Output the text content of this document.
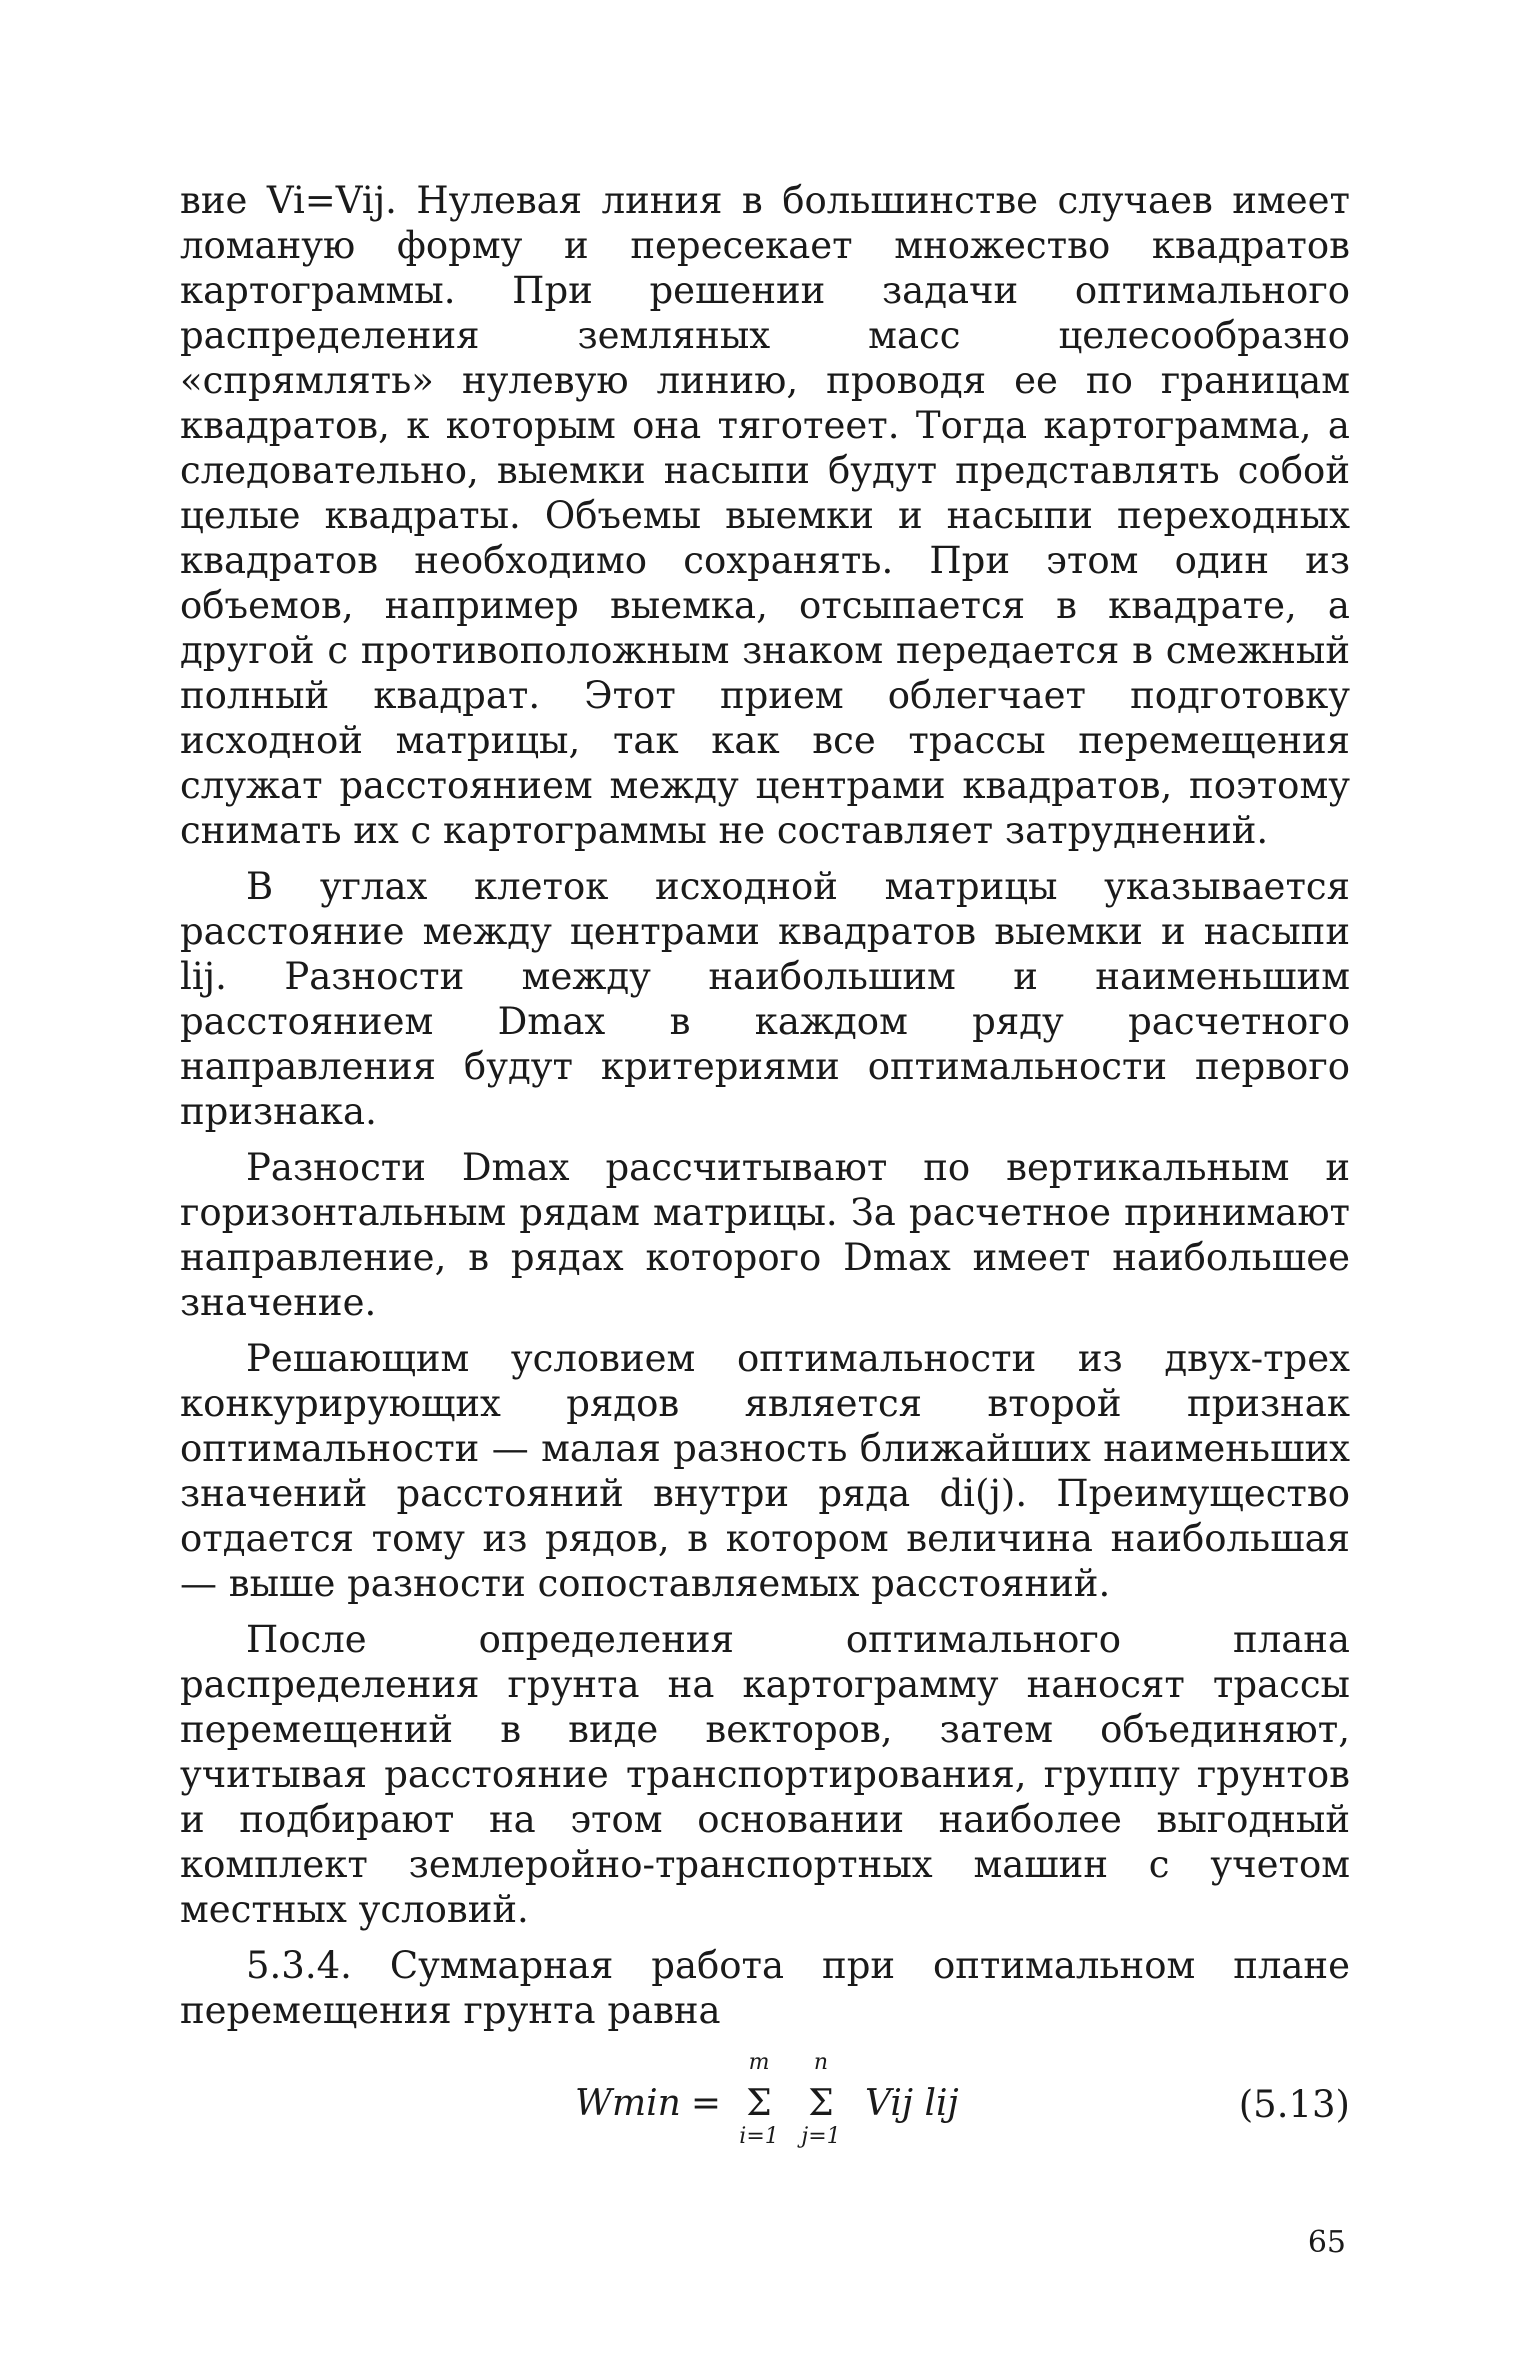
вие Vi=Vij. Нулевая линия в большинстве случаев имеет ломаную форму и пересекает множество квадратов картограммы. При решении задачи оптимального распределения земляных масс целесообразно «спрямлять» нулевую линию, проводя ее по границам квадратов, к которым она тяготеет. Тогда картограмма, а следовательно, выемки насыпи будут представлять собой целые квадраты. Объемы выемки и насыпи переходных квадратов необходимо сохранять. При этом один из объемов, например выемка, отсыпается в квадрате, а другой с противоположным знаком передается в смежный полный квадрат. Этот прием облегчает подготовку исходной матрицы, так как все трассы перемещения служат расстоянием между центрами квадратов, поэтому снимать их с картограммы не составляет затруднений.

В углах клеток исходной матрицы указывается расстояние между центрами квадратов выемки и насыпи lij. Разности между наибольшим и наименьшим расстоянием Dmax в каждом ряду расчетного направления будут критериями оптимальности первого признака.

Разности Dmax рассчитывают по вертикальным и горизонтальным рядам матрицы. За расчетное принимают направление, в рядах которого Dmax имеет наибольшее значение.

Решающим условием оптимальности из двух-трех конкурирующих рядов является второй признак оптимальности — малая разность ближайших наименьших значений расстояний внутри ряда di(j). Преимущество отдается тому из рядов, в котором величина наибольшая — выше разности сопоставляемых расстояний.

После определения оптимального плана распределения грунта на картограмму наносят трассы перемещений в виде векторов, затем объединяют, учитывая расстояние транспортирования, группу грунтов и подбирают на этом основании наиболее выгодный комплект землеройно-транспортных машин с учетом местных условий.

5.3.4. Суммарная работа при оптимальном плане перемещения грунта равна

Wmin =
m
Σ
i=1
n
Σ
j=1
Vij lij	(5.13)
65
